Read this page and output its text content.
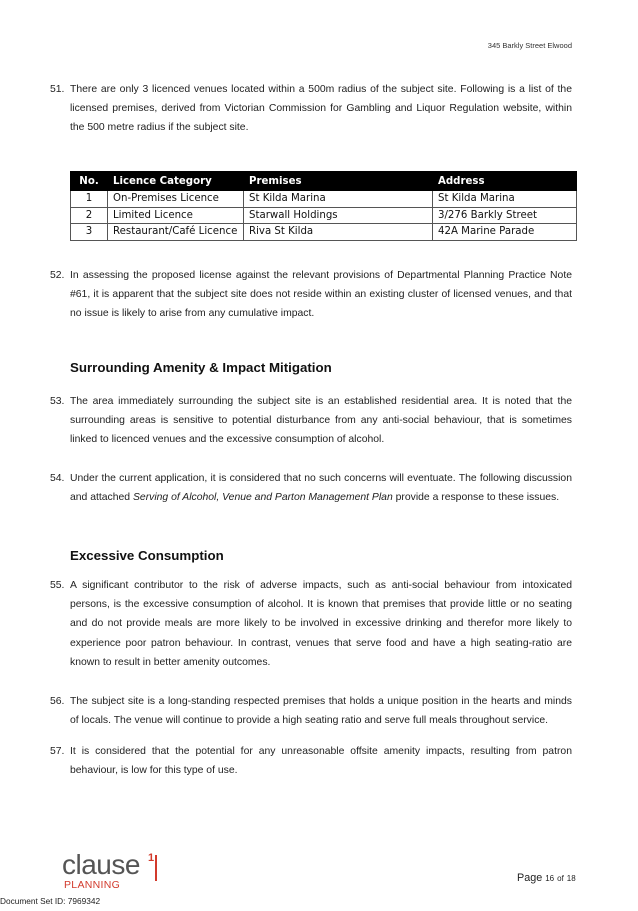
345 Barkly Street Elwood
51. There are only 3 licenced venues located within a 500m radius of the subject site. Following is a list of the licensed premises, derived from Victorian Commission for Gambling and Liquor Regulation website, within the 500 metre radius if the subject site.
No.	Licence Category	Premises	Address
1	On-Premises Licence	St Kilda Marina	St Kilda Marina
2	Limited Licence	Starwall Holdings	3/276 Barkly Street
3	Restaurant/Café Licence	Riva St Kilda	42A Marine Parade
52. In assessing the proposed license against the relevant provisions of Departmental Planning Practice Note #61, it is apparent that the subject site does not reside within an existing cluster of licensed venues, and that no issue is likely to arise from any cumulative impact.
Surrounding Amenity & Impact Mitigation
53. The area immediately surrounding the subject site is an established residential area. It is noted that the surrounding areas is sensitive to potential disturbance from any anti-social behaviour, that is sometimes linked to licenced venues and the excessive consumption of alcohol.
54. Under the current application, it is considered that no such concerns will eventuate. The following discussion and attached Serving of Alcohol, Venue and Parton Management Plan provide a response to these issues.
Excessive Consumption
55. A significant contributor to the risk of adverse impacts, such as anti-social behaviour from intoxicated persons, is the excessive consumption of alcohol. It is known that premises that provide little or no seating and do not provide meals are more likely to be involved in excessive drinking and therefor more likely to experience poor patron behaviour. In contrast, venues that serve food and have a high seating-ratio are known to result in better amenity outcomes.
56. The subject site is a long-standing respected premises that holds a unique position in the hearts and minds of locals. The venue will continue to provide a high seating ratio and serve full meals throughout service.
57. It is considered that the potential for any unreasonable offsite amenity impacts, resulting from patron behaviour, is low for this type of use.
clause 1
PLANNING
Page 16 of 18
Document Set ID: 7969342
